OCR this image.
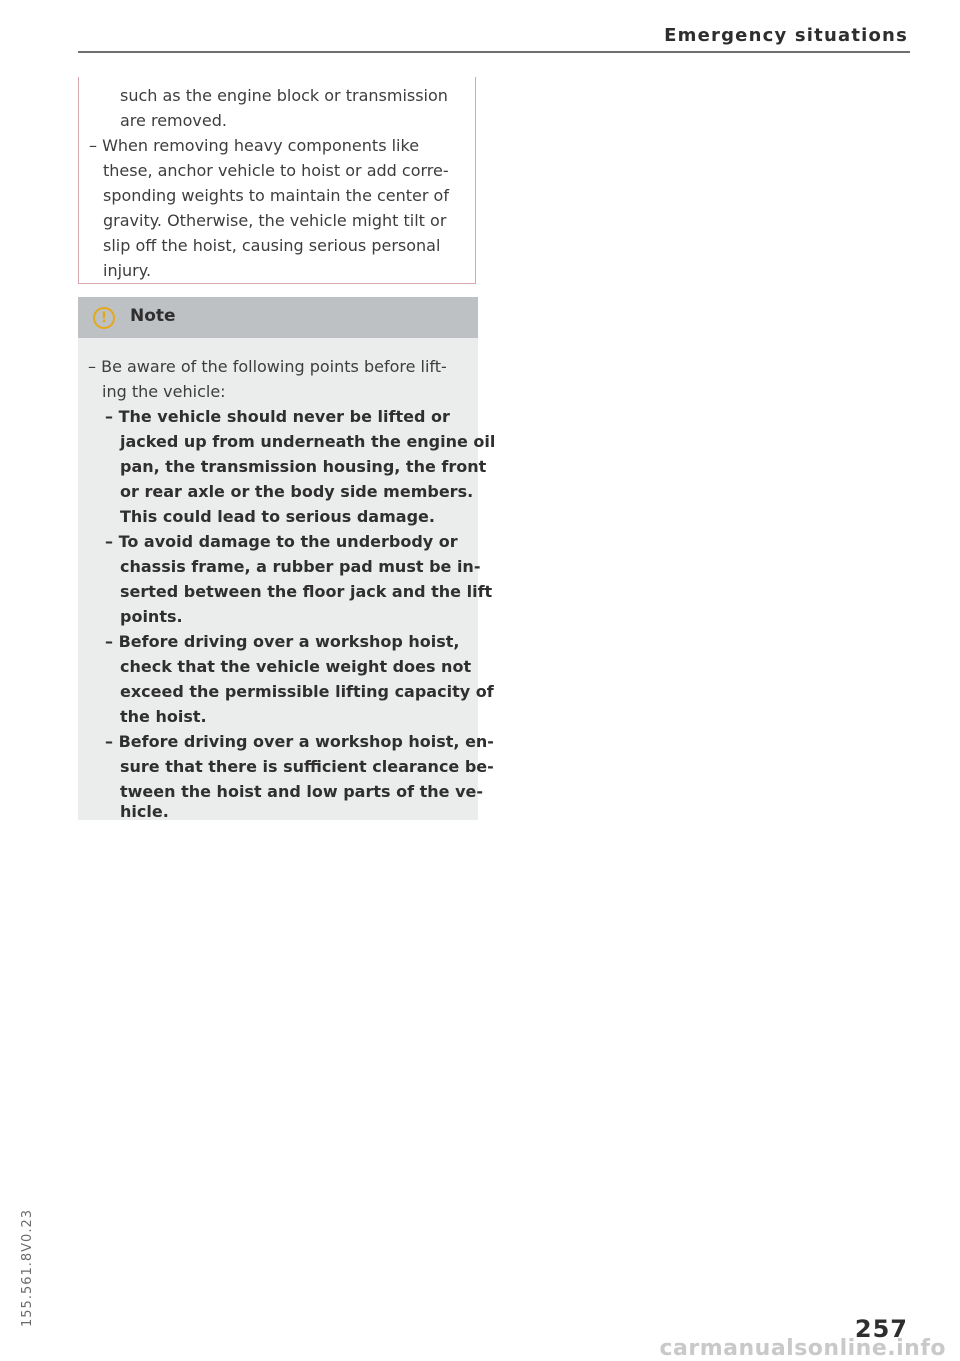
Emergency situations
such as the engine block or transmission
are removed.
– When removing heavy components like
these, anchor vehicle to hoist or add corre-
sponding weights to maintain the center of
gravity. Otherwise, the vehicle might tilt or
slip off the hoist, causing serious personal
injury.
!	Note
– Be aware of the following points before lift-
ing the vehicle:
– The vehicle should never be lifted or
jacked up from underneath the engine oil
pan, the transmission housing, the front
or rear axle or the body side members.
This could lead to serious damage.
– To avoid damage to the underbody or
chassis frame, a rubber pad must be in-
serted between the floor jack and the lift
points.
– Before driving over a workshop hoist,
check that the vehicle weight does not
exceed the permissible lifting capacity of
the hoist.
– Before driving over a workshop hoist, en-
sure that there is sufficient clearance be-
tween the hoist and low parts of the ve-
hicle.
155.561.8V0.23
257
carmanualsonline.info
